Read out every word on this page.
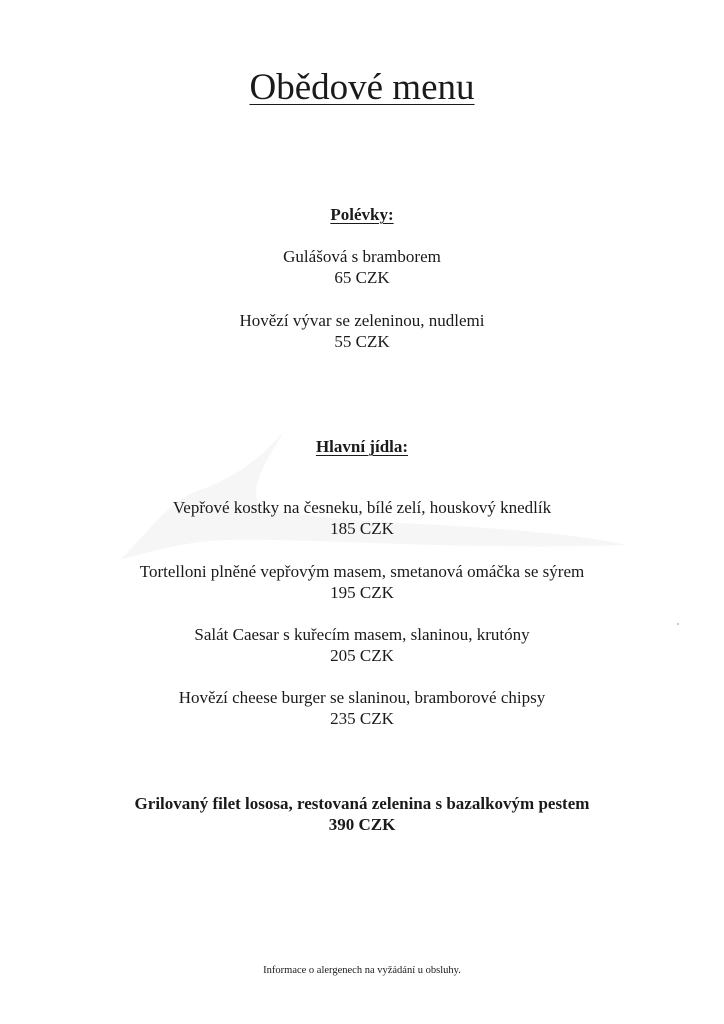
Obědové menu
Polévky:
Gulášová s bramborem
65 CZK
Hovězí vývar se zeleninou, nudlemi
55 CZK
Hlavní jídla:
Vepřové kostky na česneku, bílé zelí, houskový knedlík
185 CZK
Tortelloni plněné vepřovým masem, smetanová omáčka se sýrem
195 CZK
Salát Caesar s kuřecím masem, slaninou, krutóny
205 CZK
Hovězí cheese burger se slaninou, bramborové chipsy
235 CZK
Grilovaný filet lososa, restovaná zelenina s bazalkovým pestem
390 CZK
Informace o alergenech na vyžádání u obsluhy.
